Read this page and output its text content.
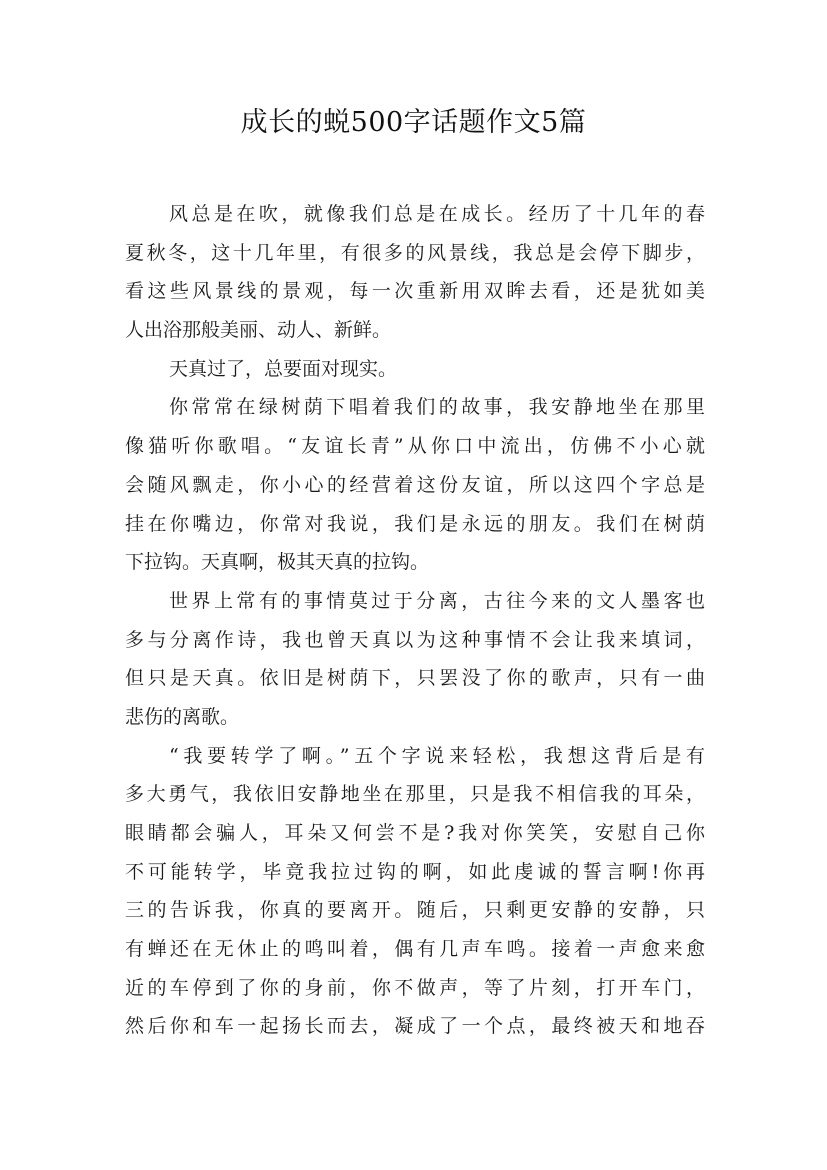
成长的蜕500字话题作文5篇
风总是在吹，就像我们总是在成长。经历了十几年的春
夏秋冬，这十几年里，有很多的风景线，我总是会停下脚步，
看这些风景线的景观，每一次重新用双眸去看，还是犹如美
人出浴那般美丽、动人、新鲜。
天真过了，总要面对现实。
你常常在绿树荫下唱着我们的故事，我安静地坐在那里
像猫听你歌唱。“友谊长青”从你口中流出，仿佛不小心就
会随风飘走，你小心的经营着这份友谊，所以这四个字总是
挂在你嘴边，你常对我说，我们是永远的朋友。我们在树荫
下拉钩。天真啊，极其天真的拉钩。
世界上常有的事情莫过于分离，古往今来的文人墨客也
多与分离作诗，我也曾天真以为这种事情不会让我来填词，
但只是天真。依旧是树荫下，只罢没了你的歌声，只有一曲
悲伤的离歌。
“我要转学了啊。”五个字说来轻松，我想这背后是有
多大勇气，我依旧安静地坐在那里，只是我不相信我的耳朵，
眼睛都会骗人，耳朵又何尝不是?我对你笑笑，安慰自己你
不可能转学，毕竟我拉过钩的啊，如此虔诚的誓言啊!你再
三的告诉我，你真的要离开。随后，只剩更安静的安静，只
有蝉还在无休止的鸣叫着，偶有几声车鸣。接着一声愈来愈
近的车停到了你的身前，你不做声，等了片刻，打开车门，
然后你和车一起扬长而去，凝成了一个点，最终被天和地吞
